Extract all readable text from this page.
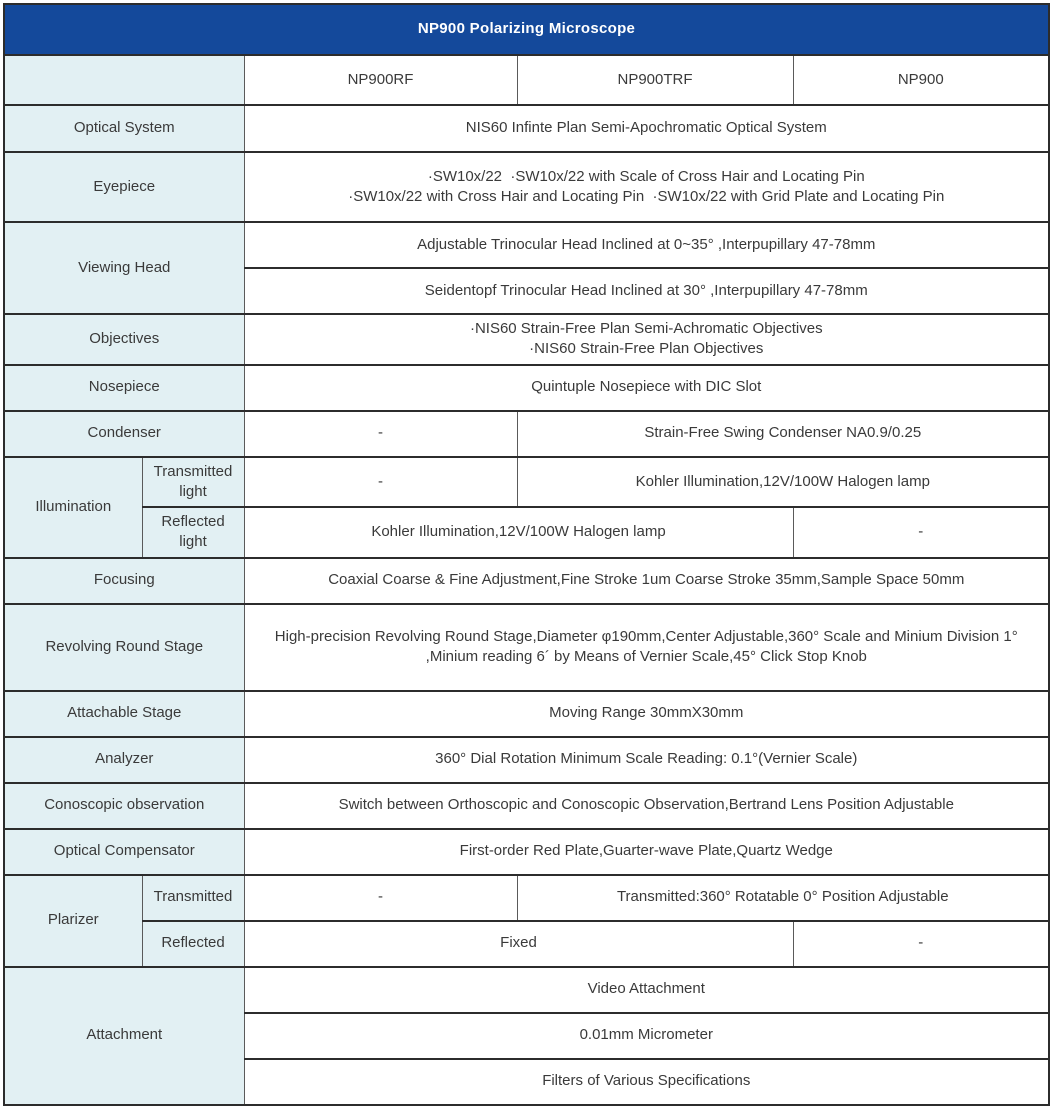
NP900 Polarizing Microscope				
		NP900RF	NP900TRF	NP900
Optical System		NIS60 Infinte Plan Semi-Apochromatic Optical System		
Eyepiece		·SW10x/22  ·SW10x/22 with Scale of Cross Hair and Locating Pin
·SW10x/22 with Cross Hair and Locating Pin  ·SW10x/22 with Grid Plate and Locating Pin		

Viewing Head		Adjustable Trinocular Head Inclined at 0~35° ,Interpupillary 47-78mm		
		Seidentopf Trinocular Head Inclined at 30° ,Interpupillary 47-78mm		
Objectives		·NIS60 Strain-Free Plan Semi-Achromatic Objectives
·NIS60 Strain-Free Plan Objectives		

Nosepiece		Quintuple Nosepiece with DIC Slot		
Condenser		-	Strain-Free Swing Condenser NA0.9/0.25	
Illumination	Transmitted light	-	Kohler Illumination,12V/100W Halogen lamp	
	Reflected light	Kohler Illumination,12V/100W Halogen lamp		-
Focusing		Coaxial Coarse & Fine Adjustment,Fine Stroke 1um Coarse Stroke 35mm,Sample Space 50mm		
Revolving Round Stage		High-precision Revolving Round Stage,Diameter φ190mm,Center Adjustable,360° Scale and Minium Division 1° ,Minium reading 6´ by Means of Vernier Scale,45° Click Stop Knob		
Attachable Stage		Moving Range 30mmX30mm		
Analyzer		360° Dial Rotation Minimum Scale Reading: 0.1°(Vernier Scale)		
Conoscopic observation		Switch between Orthoscopic and Conoscopic Observation,Bertrand Lens Position Adjustable		
Optical Compensator		First-order Red Plate,Guarter-wave Plate,Quartz Wedge		
Plarizer	Transmitted	-	Transmitted:360° Rotatable 0° Position Adjustable	
	Reflected	Fixed		-
Attachment		Video Attachment		
		0.01mm Micrometer		
		Filters of Various Specifications		
